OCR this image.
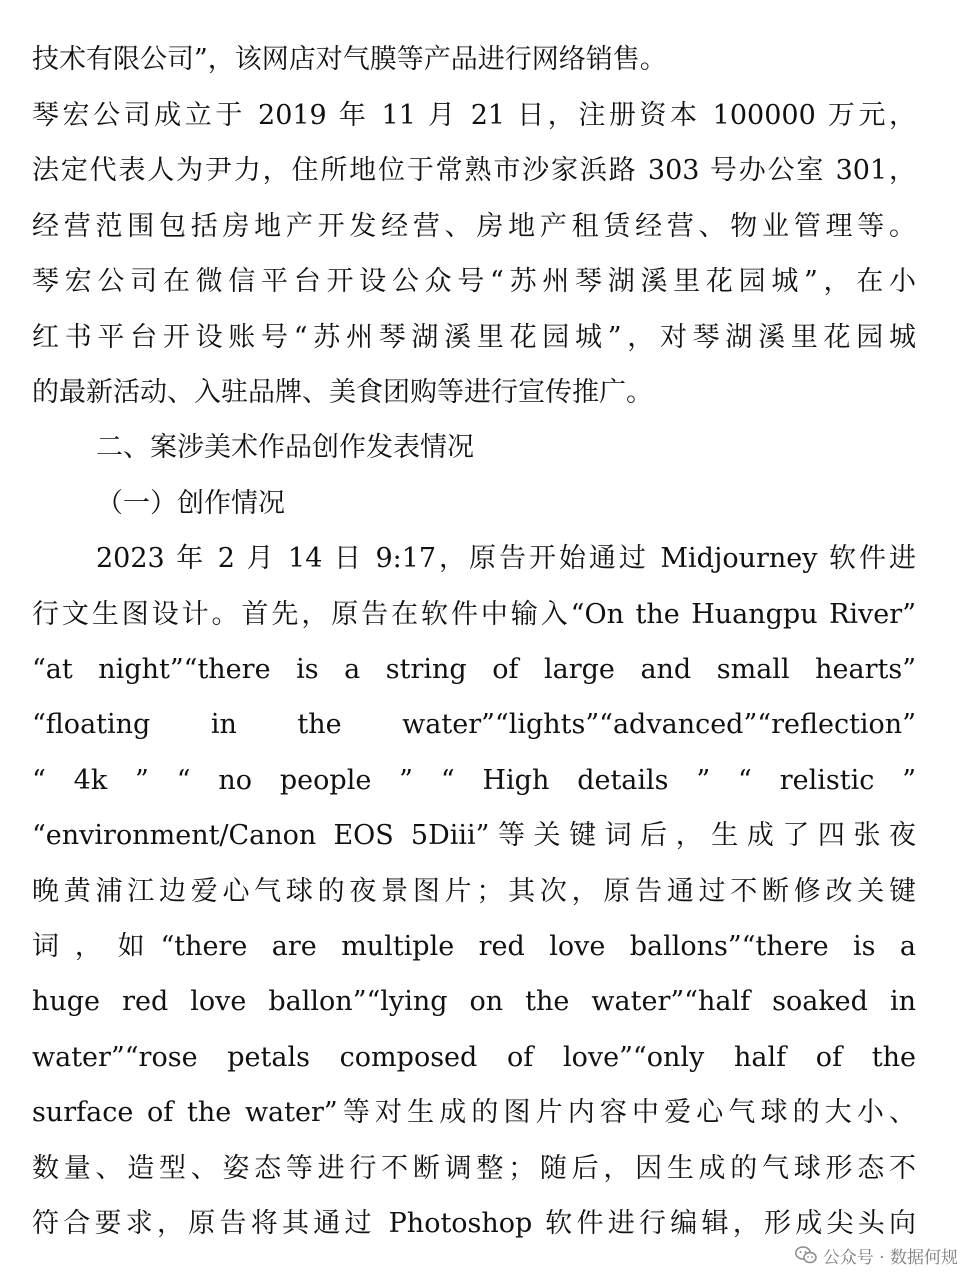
技术有限公司”，该网店对气膜等产品进行网络销售。
琴宏公司成立于 2019 年 11 月 21 日，注册资本 100000 万元，
法定代表人为尹力，住所地位于常熟市沙家浜路 303 号办公室 301，
经营范围包括房地产开发经营、房地产租赁经营、物业管理等。
琴宏公司在微信平台开设公众号“苏州琴湖溪里花园城”，在小
红书平台开设账号“苏州琴湖溪里花园城”，对琴湖溪里花园城
的最新活动、入驻品牌、美食团购等进行宣传推广。
二、案涉美术作品创作发表情况
（一）创作情况
2023 年 2 月 14 日 9:17，原告开始通过 Midjourney 软件进
行文生图设计。首先，原告在软件中输入“On the Huangpu River”
“at night”“there is a string of large and small hearts”
“floating in the water”“lights”“advanced”“reflection”
“ 4k ” “ no people ” “ High details ” “ relistic ”
“environment/Canon EOS 5Diii”等关键词后，生成了四张夜
晚黄浦江边爱心气球的夜景图片；其次，原告通过不断修改关键
词，如“there are multiple red love ballons”“there is a
huge red love ballon”“lying on the water”“half soaked in
water”“rose petals composed of love”“only half of the
surface of the water”等对生成的图片内容中爱心气球的大小、
数量、造型、姿态等进行不断调整；随后，因生成的气球形态不
符合要求，原告将其通过 Photoshop 软件进行编辑，形成尖头向
公众号 · 数据何规
